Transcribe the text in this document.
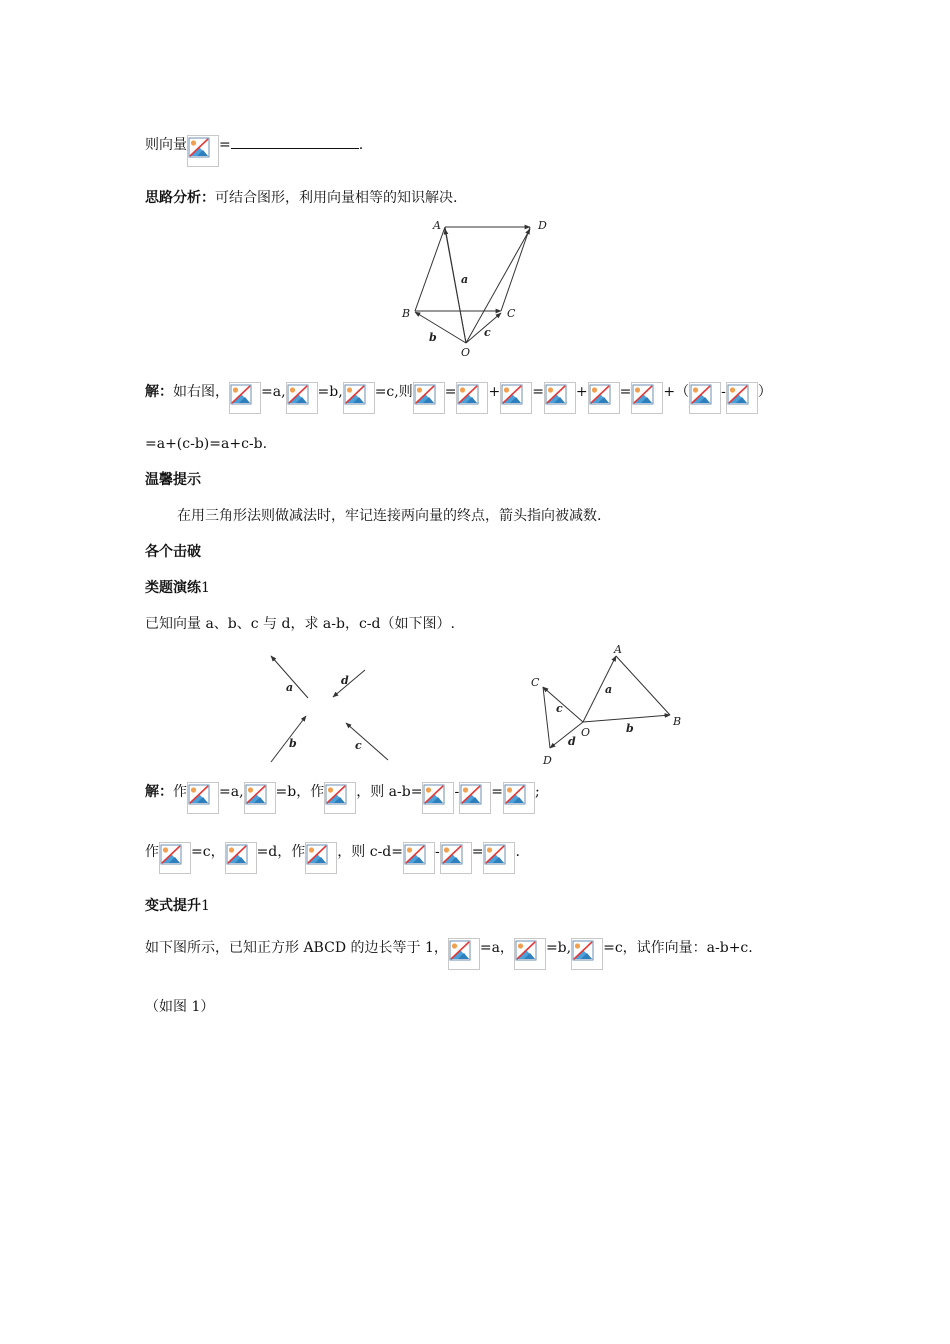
则向量 =	.
思路分析：可结合图形，利用向量相等的知识解决.
A	D
B	C
O
a
b	c
解：如右图， =a, =b, =c,则 = + = + = +（ - ）
=a+(c-b)=a+c-b.
温馨提示
在用三角形法则做减法时，牢记连接两向量的终点，箭头指向被减数.
各个击破
类题演练1
已知向量 a、b、c 与 d，求 a-b，c-d（如下图）.
a
d
b	c
A
B
C
D
O
a
b
c
d
解：作 =a, =b，作 ，则 a-b= - = ;
作 =c， =d，作 ，则 c-d= - = .
变式提升1
如下图所示，已知正方形 ABCD 的边长等于 1， =a， =b, =c，试作向量：a-b+c.
（如图 1）
